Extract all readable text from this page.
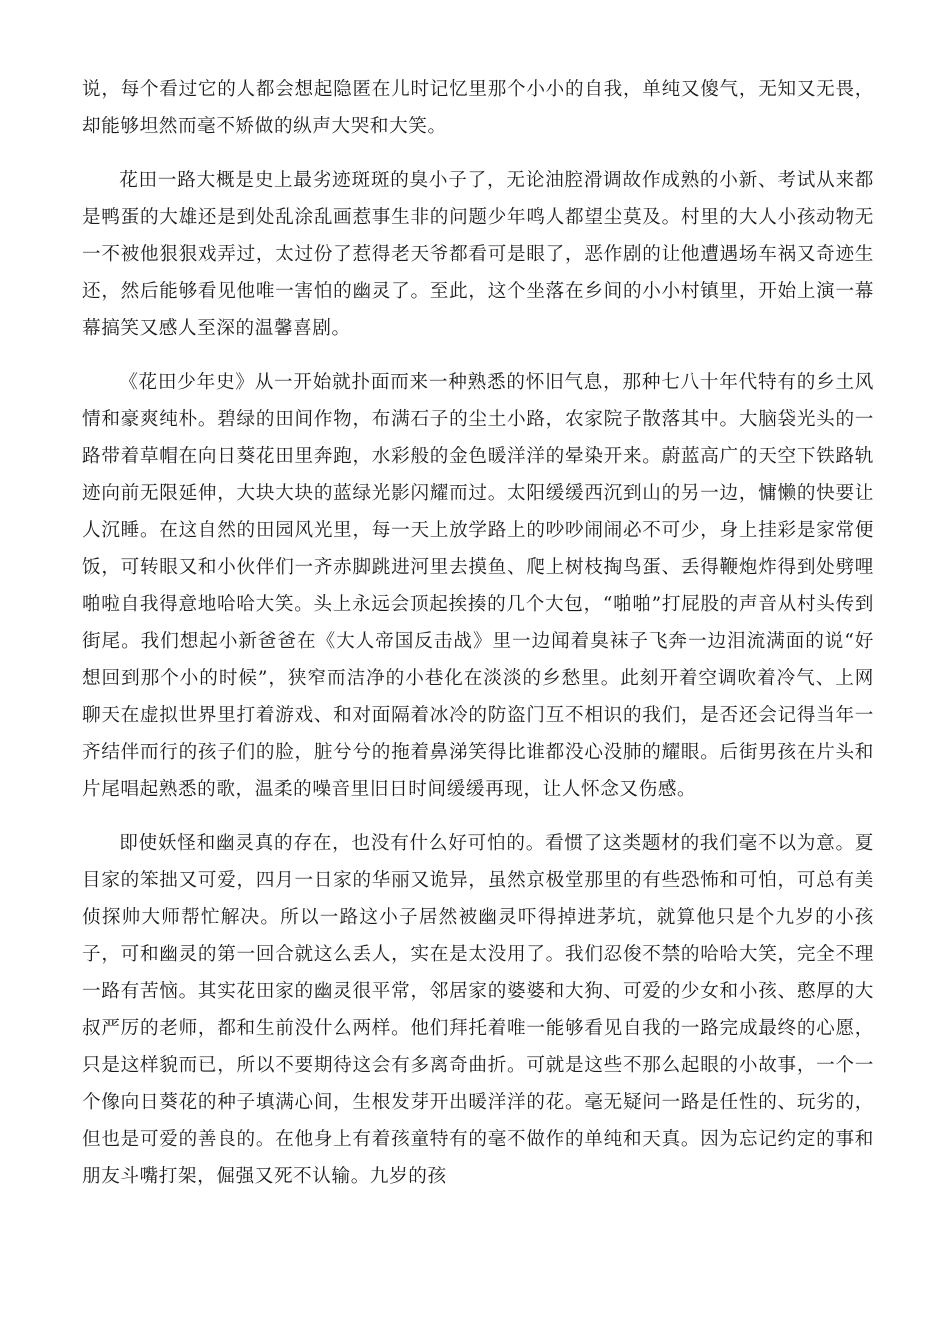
说，每个看过它的人都会想起隐匿在儿时记忆里那个小小的自我，单纯又傻气，无知又无畏，却能够坦然而毫不矫做的纵声大哭和大笑。

花田一路大概是史上最劣迹斑斑的臭小子了，无论油腔滑调故作成熟的小新、考试从来都是鸭蛋的大雄还是到处乱涂乱画惹事生非的问题少年鸣人都望尘莫及。村里的大人小孩动物无一不被他狠狠戏弄过，太过份了惹得老天爷都看可是眼了，恶作剧的让他遭遇场车祸又奇迹生还，然后能够看见他唯一害怕的幽灵了。至此，这个坐落在乡间的小小村镇里，开始上演一幕幕搞笑又感人至深的温馨喜剧。

《花田少年史》从一开始就扑面而来一种熟悉的怀旧气息，那种七八十年代特有的乡土风情和豪爽纯朴。碧绿的田间作物，布满石子的尘土小路，农家院子散落其中。大脑袋光头的一路带着草帽在向日葵花田里奔跑，水彩般的金色暖洋洋的晕染开来。蔚蓝高广的天空下铁路轨迹向前无限延伸，大块大块的蓝绿光影闪耀而过。太阳缓缓西沉到山的另一边，慵懒的快要让人沉睡。在这自然的田园风光里，每一天上放学路上的吵吵闹闹必不可少，身上挂彩是家常便饭，可转眼又和小伙伴们一齐赤脚跳进河里去摸鱼、爬上树枝掏鸟蛋、丢得鞭炮炸得到处劈哩啪啦自我得意地哈哈大笑。头上永远会顶起挨揍的几个大包，“啪啪”打屁股的声音从村头传到街尾。我们想起小新爸爸在《大人帝国反击战》里一边闻着臭袜子飞奔一边泪流满面的说“好想回到那个小的时候”，狭窄而洁净的小巷化在淡淡的乡愁里。此刻开着空调吹着冷气、上网聊天在虚拟世界里打着游戏、和对面隔着冰冷的防盗门互不相识的我们，是否还会记得当年一齐结伴而行的孩子们的脸，脏兮兮的拖着鼻涕笑得比谁都没心没肺的耀眼。后街男孩在片头和片尾唱起熟悉的歌，温柔的噪音里旧日时间缓缓再现，让人怀念又伤感。

即使妖怪和幽灵真的存在，也没有什么好可怕的。看惯了这类题材的我们毫不以为意。夏目家的笨拙又可爱，四月一日家的华丽又诡异，虽然京极堂那里的有些恐怖和可怕，可总有美侦探帅大师帮忙解决。所以一路这小子居然被幽灵吓得掉进茅坑，就算他只是个九岁的小孩子，可和幽灵的第一回合就这么丢人，实在是太没用了。我们忍俊不禁的哈哈大笑，完全不理一路有苦恼。其实花田家的幽灵很平常，邻居家的婆婆和大狗、可爱的少女和小孩、憨厚的大叔严厉的老师，都和生前没什么两样。他们拜托着唯一能够看见自我的一路完成最终的心愿，只是这样貌而已，所以不要期待这会有多离奇曲折。可就是这些不那么起眼的小故事，一个一个像向日葵花的种子填满心间，生根发芽开出暖洋洋的花。毫无疑问一路是任性的、玩劣的，但也是可爱的善良的。在他身上有着孩童特有的毫不做作的单纯和天真。因为忘记约定的事和朋友斗嘴打架，倔强又死不认输。九岁的孩
